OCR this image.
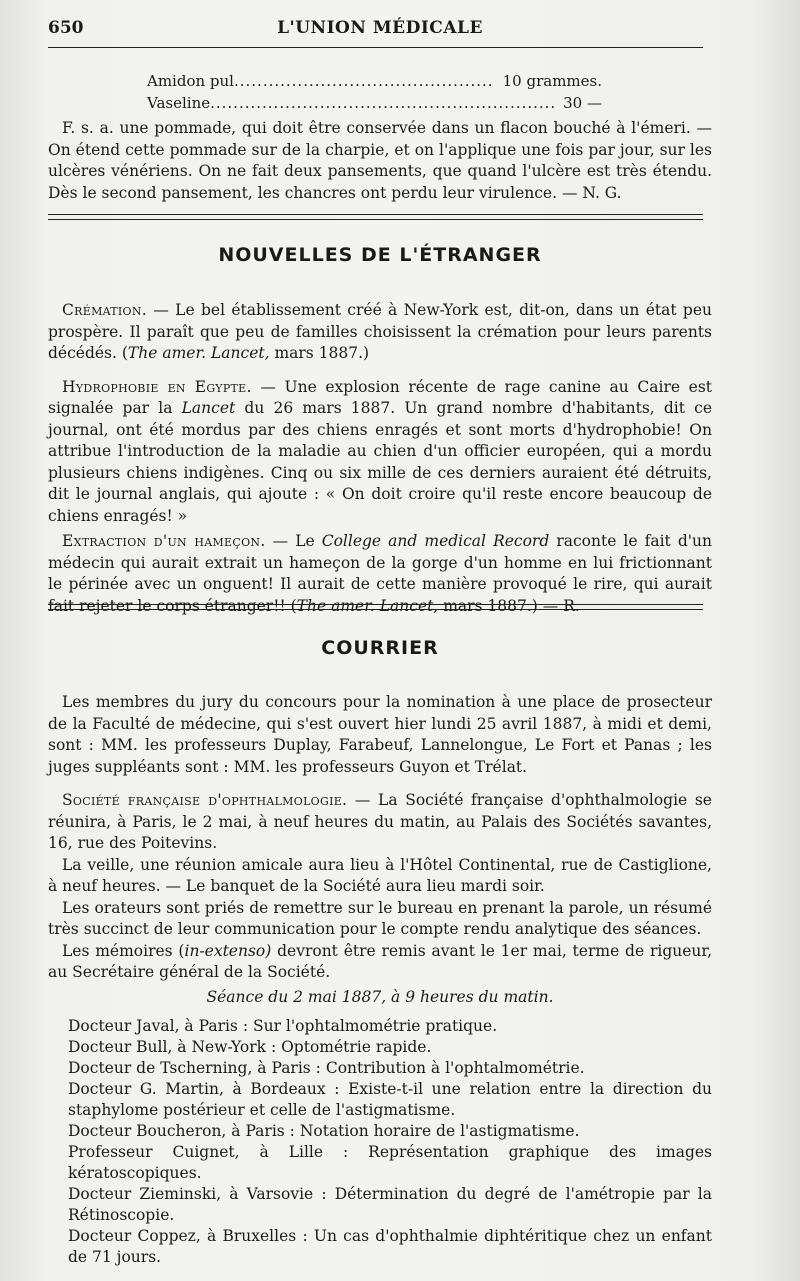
650	L'UNION MÉDICALE
Amidon pul .....	10 grammes.
Vaseline .....	30 —

F. s. a. une pommade, qui doit être conservée dans un flacon bouché à l'émeri. — On étend cette pommade sur de la charpie, et on l'applique une fois par jour, sur les ulcères vénériens. On ne fait deux pansements, que quand l'ulcère est très étendu. Dès le second pansement, les chancres ont perdu leur virulence. — N. G.

NOUVELLES DE L'ÉTRANGER

Crémation. — Le bel établissement créé à New-York est, dit-on, dans un état peu prospère. Il paraît que peu de familles choisissent la crémation pour leurs parents décédés. (The amer. Lancet, mars 1887.)

Hydrophobie en Egypte. — Une explosion récente de rage canine au Caire est signalée par la Lancet du 26 mars 1887. Un grand nombre d'habitants, dit ce journal, ont été mordus par des chiens enragés et sont morts d'hydrophobie! On attribue l'introduction de la maladie au chien d'un officier européen, qui a mordu plusieurs chiens indigènes. Cinq ou six mille de ces derniers auraient été détruits, dit le journal anglais, qui ajoute : « On doit croire qu'il reste encore beaucoup de chiens enragés! »

Extraction d'un hameçon. — Le College and medical Record raconte le fait d'un médecin qui aurait extrait un hameçon de la gorge d'un homme en lui frictionnant le périnée avec un onguent! Il aurait de cette manière provoqué le rire, qui aurait fait rejeter le corps étranger!! (The amer. Lancet, mars 1887.) — R.

COURRIER

Les membres du jury du concours pour la nomination à une place de prosecteur de la Faculté de médecine, qui s'est ouvert hier lundi 25 avril 1887, à midi et demi, sont : MM. les professeurs Duplay, Farabeuf, Lannelongue, Le Fort et Panas ; les juges suppléants sont : MM. les professeurs Guyon et Trélat.

Société française d'ophthalmologie. — La Société française d'ophthalmologie se réunira, à Paris, le 2 mai, à neuf heures du matin, au Palais des Sociétés savantes, 16, rue des Poitevins.

La veille, une réunion amicale aura lieu à l'Hôtel Continental, rue de Castiglione, à neuf heures. — Le banquet de la Société aura lieu mardi soir.

Les orateurs sont priés de remettre sur le bureau en prenant la parole, un résumé très succinct de leur communication pour le compte rendu analytique des séances.

Les mémoires (in-extenso) devront être remis avant le 1er mai, terme de rigueur, au Secrétaire général de la Société.

Séance du 2 mai 1887, à 9 heures du matin.
Docteur Javal, à Paris : Sur l'ophtalmométrie pratique.
Docteur Bull, à New-York : Optométrie rapide.
Docteur de Tscherning, à Paris : Contribution à l'ophtalmométrie.
Docteur G. Martin, à Bordeaux : Existe-t-il une relation entre la direction du staphylome postérieur et celle de l'astigmatisme.
Docteur Boucheron, à Paris : Notation horaire de l'astigmatisme.
Professeur Cuignet, à Lille : Représentation graphique des images kératoscopiques.
Docteur Zieminski, à Varsovie : Détermination du degré de l'amétropie par la Rétinoscopie.
Docteur Coppez, à Bruxelles : Un cas d'ophthalmie diphtéritique chez un enfant de 71 jours.
